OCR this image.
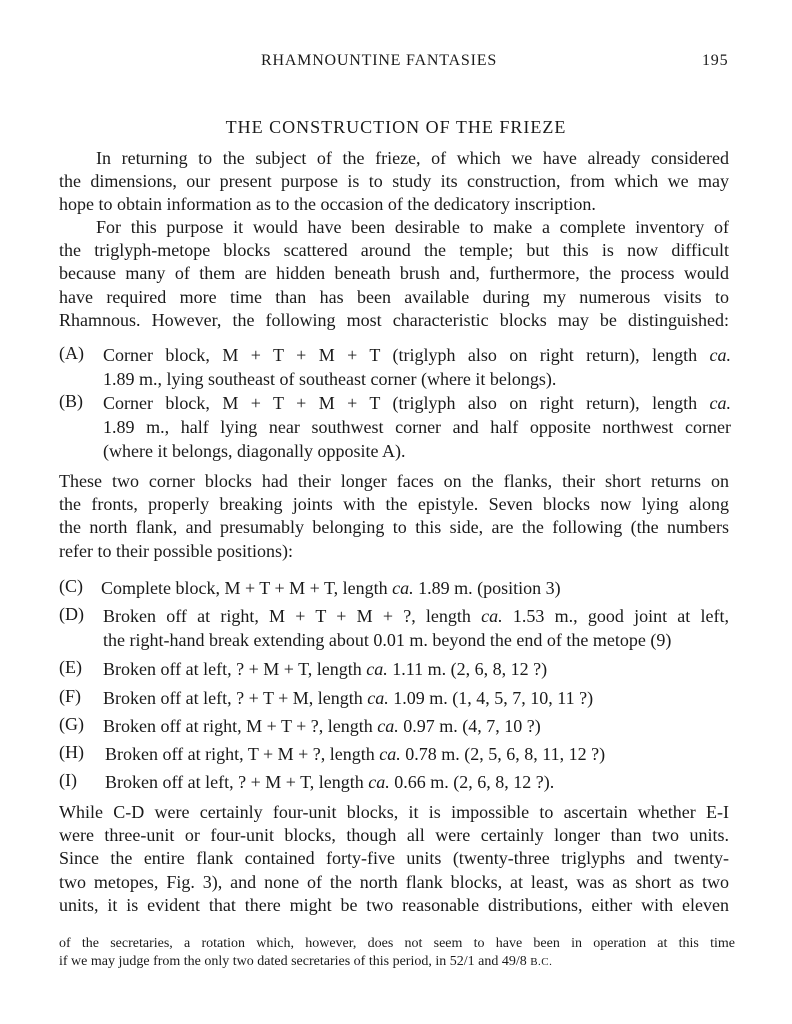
RHAMNOUNTINE FANTASIES	195
THE CONSTRUCTION OF THE FRIEZE
In returning to the subject of the frieze, of which we have already considered
the dimensions, our present purpose is to study its construction, from which we may
hope to obtain information as to the occasion of the dedicatory inscription.
For this purpose it would have been desirable to make a complete inventory of
the triglyph-metope blocks scattered around the temple; but this is now difficult
because many of them are hidden beneath brush and, furthermore, the process would
have required more time than has been available during my numerous visits to
Rhamnous. However, the following most characteristic blocks may be distinguished:
(A) Corner block, M + T + M + T (triglyph also on right return), length ca.
1.89 m., lying southeast of southeast corner (where it belongs).
(B) Corner block, M + T + M + T (triglyph also on right return), length ca.
1.89 m., half lying near southwest corner and half opposite northwest corner
(where it belongs, diagonally opposite A).
These two corner blocks had their longer faces on the flanks, their short returns on
the fronts, properly breaking joints with the epistyle. Seven blocks now lying along
the north flank, and presumably belonging to this side, are the following (the numbers
refer to their possible positions):
(C) Complete block, M + T + M + T, length ca. 1.89 m. (position 3)
(D) Broken off at right, M + T + M + ?, length ca. 1.53 m., good joint at left,
the right-hand break extending about 0.01 m. beyond the end of the metope (9)
(E) Broken off at left, ? + M + T, length ca. 1.11 m. (2, 6, 8, 12 ?)
(F) Broken off at left, ? + T + M, length ca. 1.09 m. (1, 4, 5, 7, 10, 11 ?)
(G) Broken off at right, M + T + ?, length ca. 0.97 m. (4, 7, 10 ?)
(H) Broken off at right, T + M + ?, length ca. 0.78 m. (2, 5, 6, 8, 11, 12 ?)
(I) Broken off at left, ? + M + T, length ca. 0.66 m. (2, 6, 8, 12 ?).
While C-D were certainly four-unit blocks, it is impossible to ascertain whether E-I
were three-unit or four-unit blocks, though all were certainly longer than two units.
Since the entire flank contained forty-five units (twenty-three triglyphs and twenty-
two metopes, Fig. 3), and none of the north flank blocks, at least, was as short as two
units, it is evident that there might be two reasonable distributions, either with eleven
of the secretaries, a rotation which, however, does not seem to have been in operation at this time
if we may judge from the only two dated secretaries of this period, in 52/1 and 49/8 B.C.
